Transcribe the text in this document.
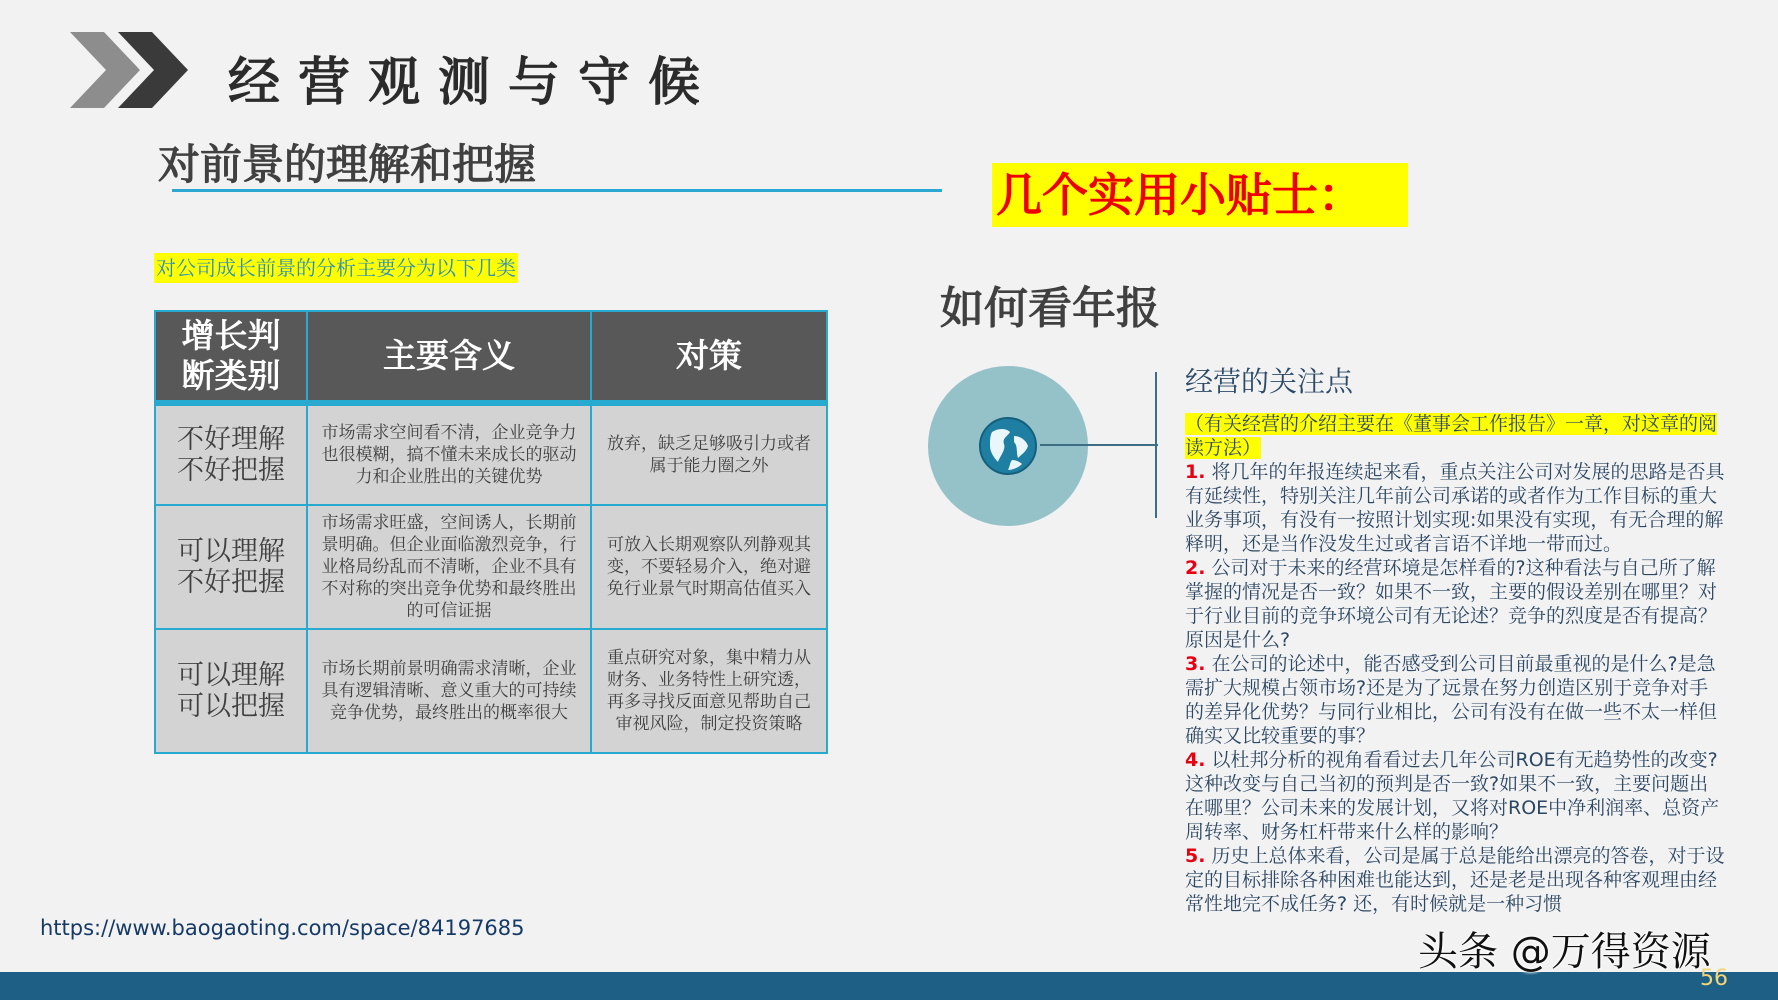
经营观测与守候
对前景的理解和把握
几个实用小贴士：
对公司成长前景的分析主要分为以下几类
增长判断类别	主要含义	对策
不好理解
不好把握	市场需求空间看不清，企业竞争力也很模糊，搞不懂未来成长的驱动力和企业胜出的关键优势	放弃，缺乏足够吸引力或者属于能力圈之外
可以理解
不好把握	市场需求旺盛，空间诱人，长期前景明确。但企业面临激烈竞争，行业格局纷乱而不清晰，企业不具有不对称的突出竞争优势和最终胜出的可信证据	可放入长期观察队列静观其变，不要轻易介入，绝对避免行业景气时期高估值买入
可以理解
可以把握	市场长期前景明确需求清晰，企业具有逻辑清晰、意义重大的可持续竞争优势，最终胜出的概率很大	重点研究对象，集中精力从财务、业务特性上研究透，再多寻找反面意见帮助自己审视风险，制定投资策略
https://www.baogaoting.com/space/84197685
如何看年报
经营的关注点
（有关经营的介绍主要在《董事会工作报告》一章，对这章的阅读方法）
1. 将几年的年报连续起来看，重点关注公司对发展的思路是否具有延续性，特别关注几年前公司承诺的或者作为工作目标的重大业务事项，有没有一按照计划实现:如果没有实现，有无合理的解释明，还是当作没发生过或者言语不详地一带而过。
2. 公司对于未来的经营环境是怎样看的?这种看法与自己所了解掌握的情况是否一致？如果不一致，主要的假设差别在哪里？对于行业目前的竞争环境公司有无论述？竞争的烈度是否有提高？原因是什么?
3. 在公司的论述中，能否感受到公司目前最重视的是什么?是急需扩大规模占领市场?还是为了远景在努力创造区别于竞争对手的差异化优势？与同行业相比，公司有没有在做一些不太一样但确实又比较重要的事？
4. 以杜邦分析的视角看看过去几年公司ROE有无趋势性的改变?这种改变与自己当初的预判是否一致?如果不一致，主要问题出在哪里？公司未来的发展计划，又将对ROE中净利润率、总资产周转率、财务杠杆带来什么样的影响？
5. 历史上总体来看，公司是属于总是能给出漂亮的答卷，对于设定的目标排除各种困难也能达到，还是老是出现各种客观理由经常性地完不成任务? 还，有时候就是一种习惯
头条 @万得资源
56
